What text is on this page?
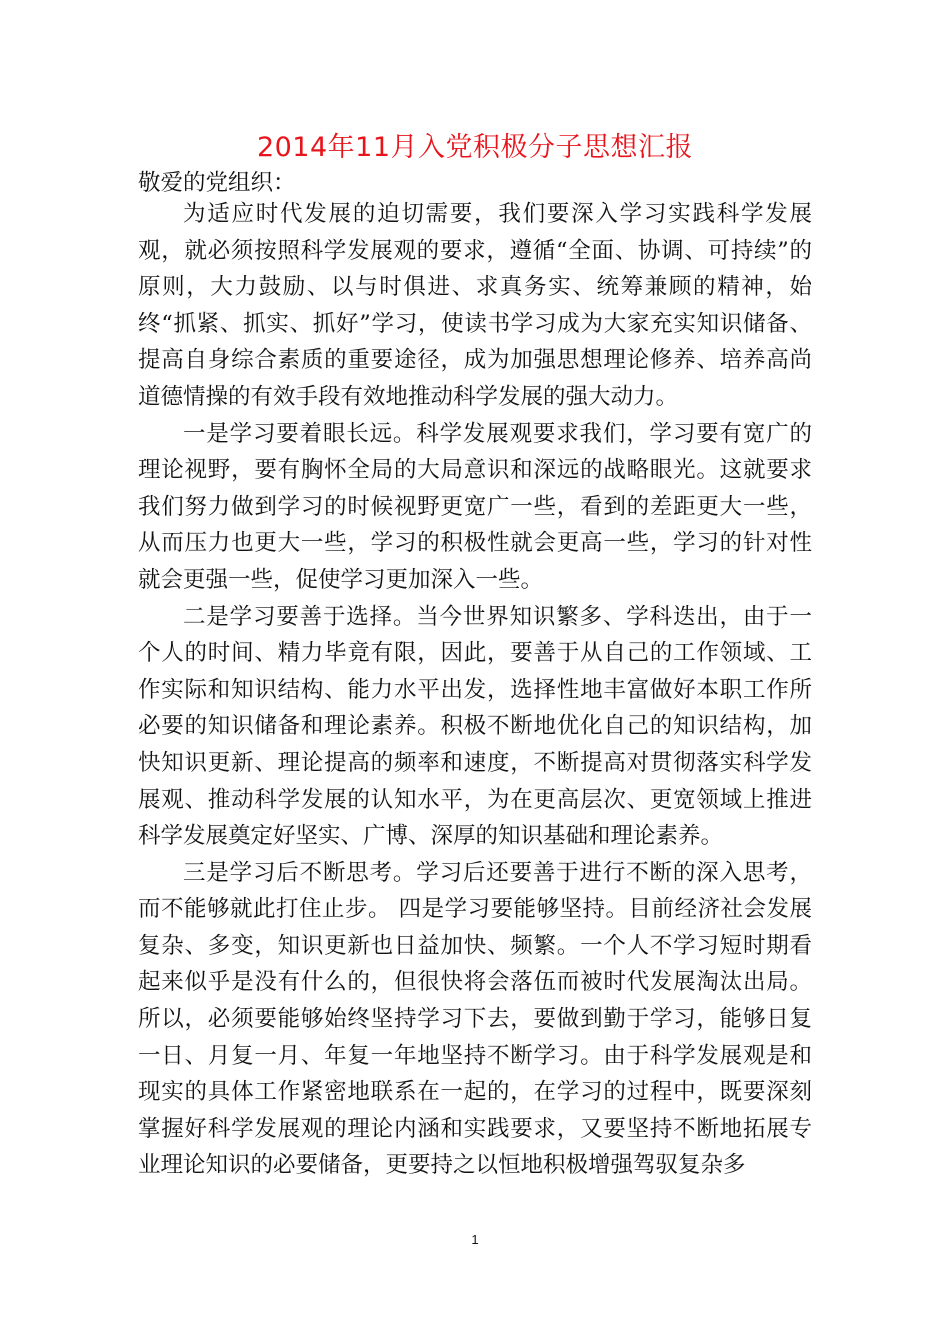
2014年11月入党积极分子思想汇报
敬爱的党组织：

为适应时代发展的迫切需要，我们要深入学习实践科学发展观，就必须按照科学发展观的要求，遵循“全面、协调、可持续”的原则，大力鼓励、以与时俱进、求真务实、统筹兼顾的精神，始终“抓紧、抓实、抓好”学习，使读书学习成为大家充实知识储备、提高自身综合素质的重要途径，成为加强思想理论修养、培养高尚道德情操的有效手段有效地推动科学发展的强大动力。

一是学习要着眼长远。科学发展观要求我们，学习要有宽广的理论视野，要有胸怀全局的大局意识和深远的战略眼光。这就要求我们努力做到学习的时候视野更宽广一些，看到的差距更大一些，从而压力也更大一些，学习的积极性就会更高一些，学习的针对性就会更强一些，促使学习更加深入一些。

二是学习要善于选择。当今世界知识繁多、学科迭出，由于一个人的时间、精力毕竟有限，因此，要善于从自己的工作领域、工作实际和知识结构、能力水平出发，选择性地丰富做好本职工作所必要的知识储备和理论素养。积极不断地优化自己的知识结构，加快知识更新、理论提高的频率和速度，不断提高对贯彻落实科学发展观、推动科学发展的认知水平，为在更高层次、更宽领域上推进科学发展奠定好坚实、广博、深厚的知识基础和理论素养。

三是学习后不断思考。学习后还要善于进行不断的深入思考，而不能够就此打住止步。 四是学习要能够坚持。目前经济社会发展复杂、多变，知识更新也日益加快、频繁。一个人不学习短时期看起来似乎是没有什么的，但很快将会落伍而被时代发展淘汰出局。所以，必须要能够始终坚持学习下去，要做到勤于学习，能够日复一日、月复一月、年复一年地坚持不断学习。由于科学发展观是和现实的具体工作紧密地联系在一起的，在学习的过程中，既要深刻掌握好科学发展观的理论内涵和实践要求，又要坚持不断地拓展专业理论知识的必要储备，更要持之以恒地积极增强驾驭复杂多

1
